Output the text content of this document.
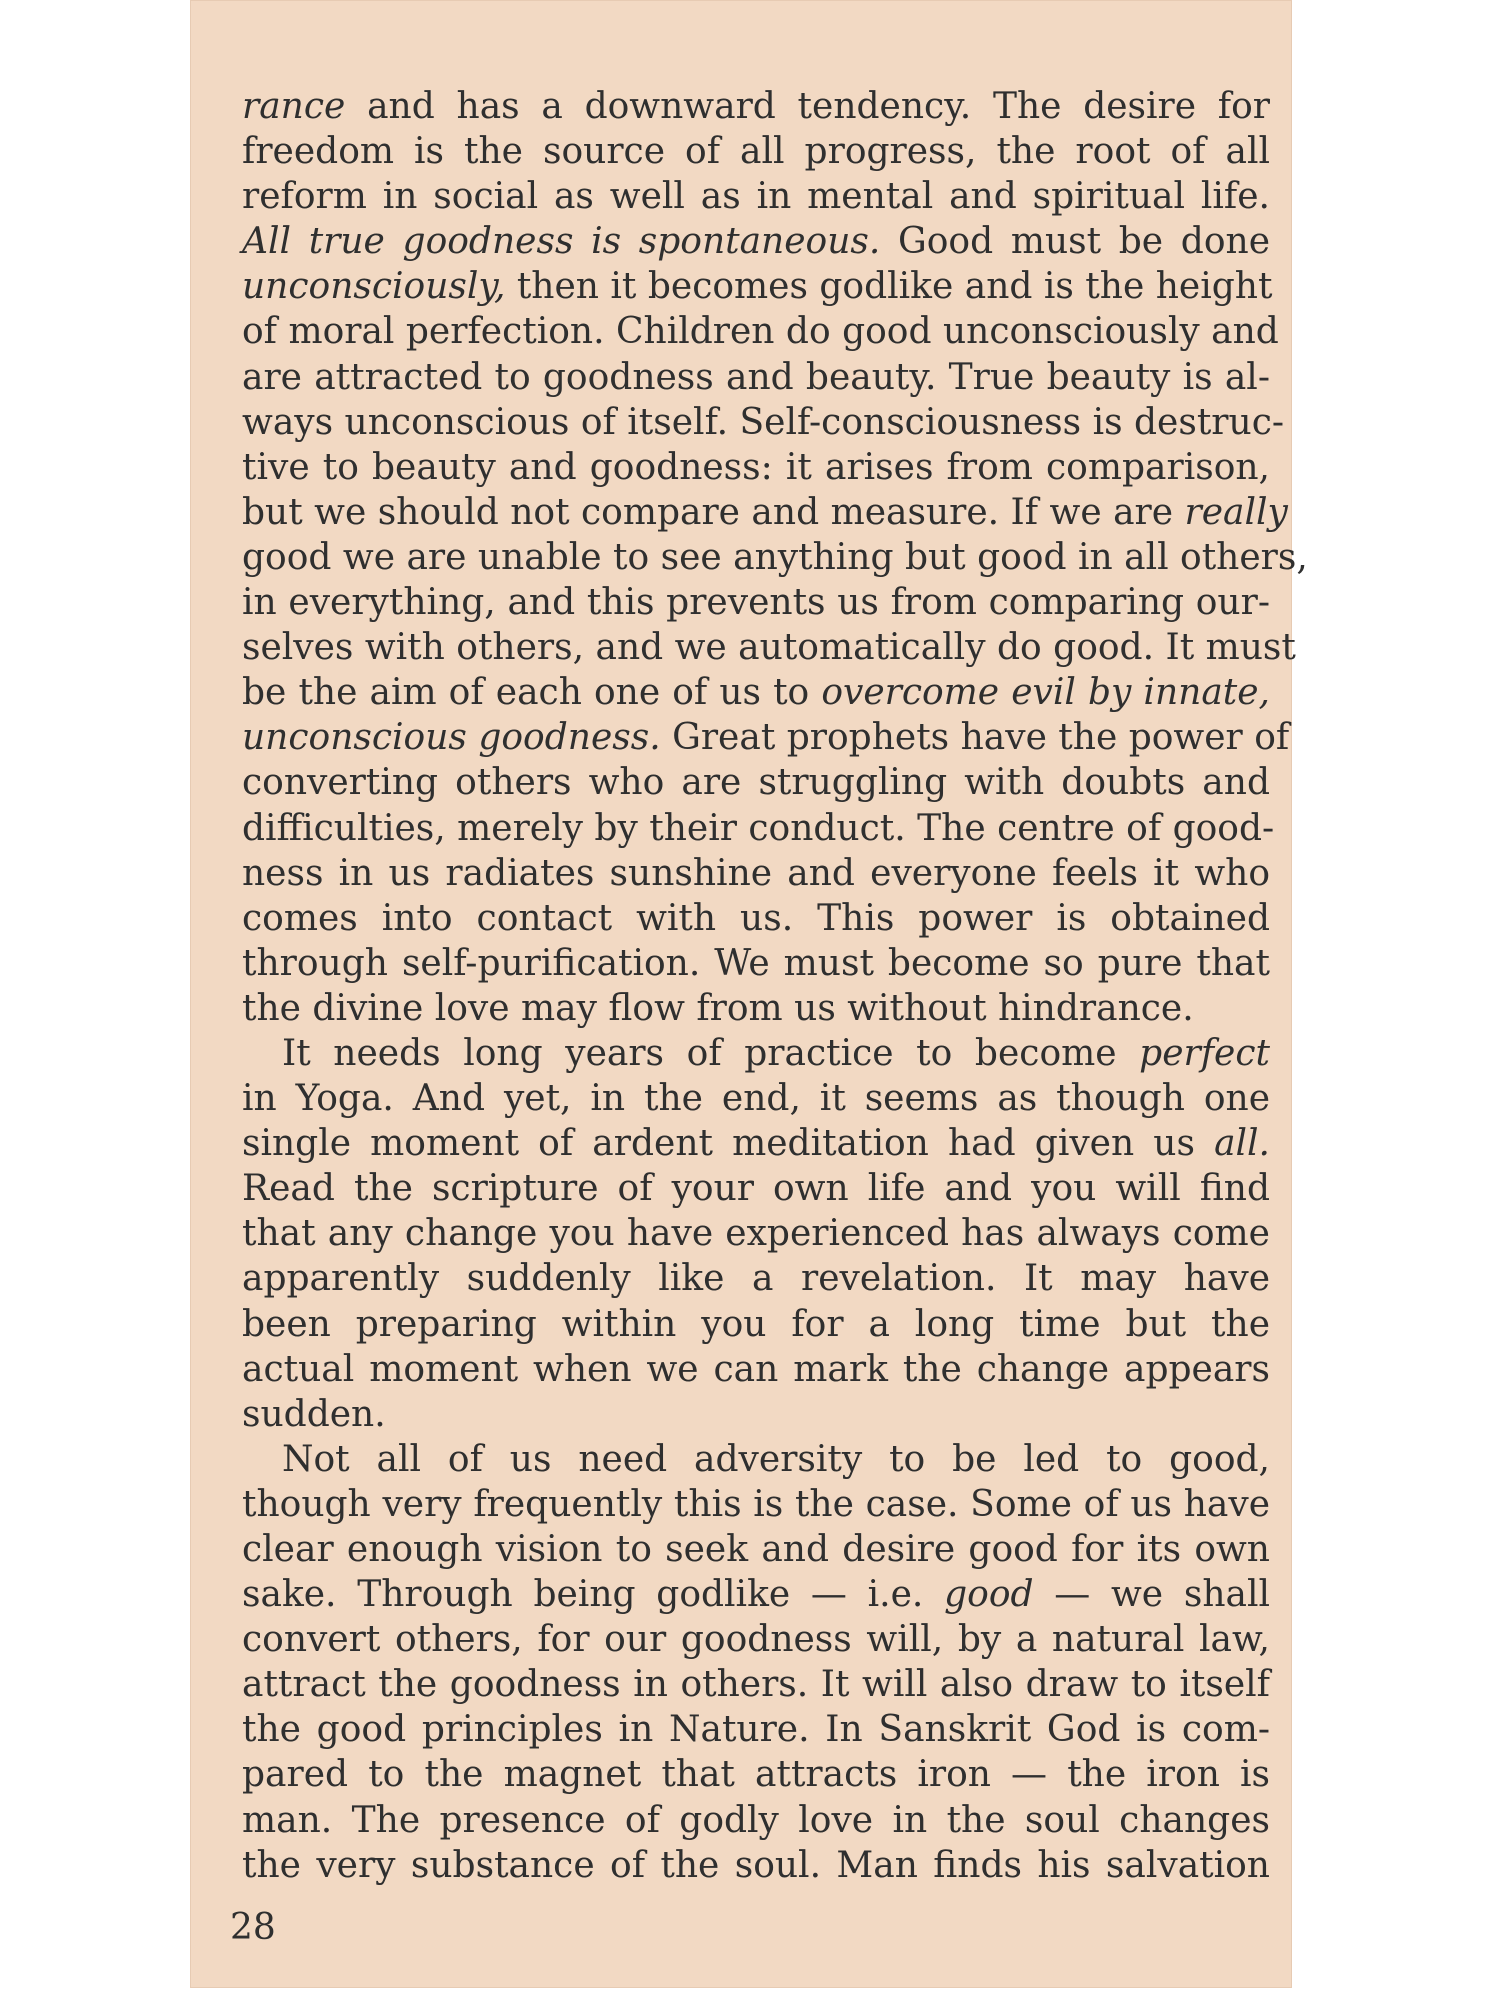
rance and has a downward tendency. The desire for
freedom is the source of all progress, the root of all
reform in social as well as in mental and spiritual life.
All true goodness is spontaneous. Good must be done
unconsciously, then it becomes godlike and is the height
of moral perfection. Children do good unconsciously and
are attracted to goodness and beauty. True beauty is al-
ways unconscious of itself. Self-consciousness is destruc-
tive to beauty and goodness: it arises from comparison,
but we should not compare and measure. If we are really
good we are unable to see anything but good in all others,
in everything, and this prevents us from comparing our-
selves with others, and we automatically do good. It must
be the aim of each one of us to overcome evil by innate,
unconscious goodness. Great prophets have the power of
converting others who are struggling with doubts and
difficulties, merely by their conduct. The centre of good-
ness in us radiates sunshine and everyone feels it who
comes into contact with us. This power is obtained
through self-purification. We must become so pure that
the divine love may flow from us without hindrance.
It needs long years of practice to become perfect
in Yoga. And yet, in the end, it seems as though one
single moment of ardent meditation had given us all.
Read the scripture of your own life and you will find
that any change you have experienced has always come
apparently suddenly like a revelation. It may have
been preparing within you for a long time but the
actual moment when we can mark the change appears
sudden.
Not all of us need adversity to be led to good,
though very frequently this is the case. Some of us have
clear enough vision to seek and desire good for its own
sake. Through being godlike — i.e. good — we shall
convert others, for our goodness will, by a natural law,
attract the goodness in others. It will also draw to itself
the good principles in Nature. In Sanskrit God is com-
pared to the magnet that attracts iron — the iron is
man. The presence of godly love in the soul changes
the very substance of the soul. Man finds his salvation
28
